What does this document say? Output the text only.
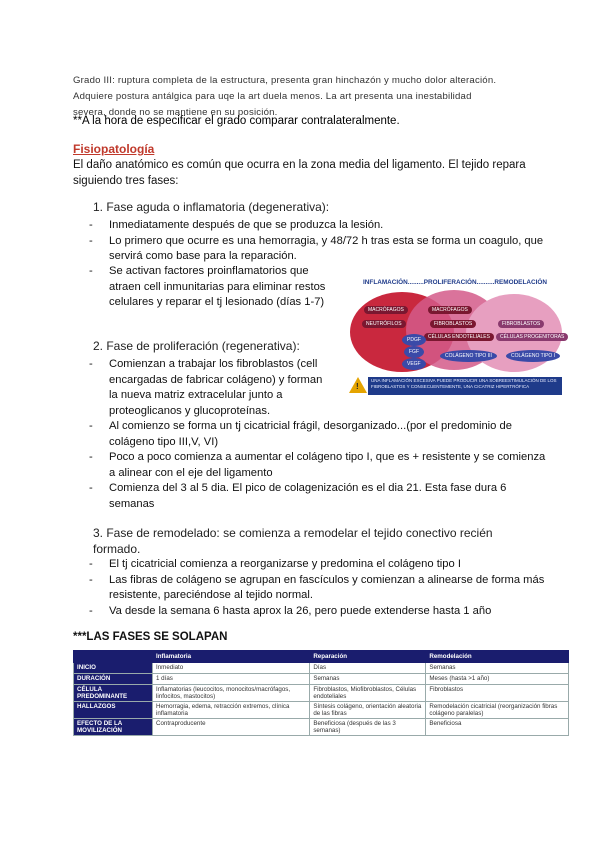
Grado III: ruptura completa de la estructura, presenta gran hinchazón y mucho dolor alteración.
Adquiere postura antálgica para uqe la art duela menos. La art presenta una inestabilidad
severa, donde no se mantiene en su posición.
**A la hora de especificar el grado comparar contralateralmente.
Fisiopatología
El daño anatómico es común que ocurra en la zona media del ligamento. El tejido repara siguiendo tres fases:
1. Fase aguda o inflamatoria (degenerativa):
- Inmediatamente después de que se produzca la lesión.
- Lo primero que ocurre es una hemorragia, y 48/72 h tras esta se forma un coagulo, que servirá como base para la reparación.
- Se activan factores proinflamatorios que atraen cell inmunitarias para eliminar restos celulares y reparar el tj lesionado (días 1-7)
INFLAMACIÓN.........PROLIFERACIÓN..........REMODELACIÓN
MACRÓFAGOS
NEUTRÓFILOS
MACRÓFAGOS
FIBROBLASTOS
CÉLULAS ENDOTELIALES
PDGF
FGF
VEGF
FIBROBLASTOS
CÉLULAS PROGENITORAS
COLÁGENO TIPO III	COLÁGENO TIPO I
!
UNA INFLAMACIÓN EXCESIVA PUEDE PRODUCIR UNA SOBREESTIMULACIÓN DE LOS FIBROBLASTOS Y CONSECUENTEMENTE, UNA CICATRIZ HIPERTRÓFICA
2. Fase de proliferación (regenerativa):
- Comienzan a trabajar los fibroblastos (cell encargadas de fabricar colágeno) y forman la nueva matriz extracelular junto a proteoglicanos y glucoproteínas.
- Al comienzo se forma un tj cicatricial frágil, desorganizado...(por el predominio de colágeno tipo III,V, VI)
- Poco a poco comienza a aumentar el colágeno tipo I, que es + resistente y se comienza a alinear con el eje del ligamento
- Comienza del 3 al 5 dia. El pico de colagenización es el dia 21. Esta fase dura 6 semanas
3. Fase de remodelado: se comienza a remodelar el tejido conectivo recién formado.
- El tj cicatricial comienza a reorganizarse y predomina el colágeno tipo I
- Las fibras de colágeno se agrupan en fascículos y comienzan a alinearse de forma más resistente, pareciéndose al tejido normal.
- Va desde la semana 6 hasta aprox la 26, pero puede extenderse hasta 1 año
***LAS FASES SE SOLAPAN
	Inflamatoria	Reparación	Remodelación
INICIO	Inmediato	Días	Semanas
DURACIÓN	1 días	Semanas	Meses (hasta >1 año)
CÉLULA PREDOMINANTE	Inflamatorias (leucocitos, monocitos/macrófagos, linfocitos, mastocitos)	Fibroblastos, Miofibroblastos, Células endoteliales	Fibroblastos
HALLAZGOS	Hemorragia, edema, retracción extremos, clínica inflamatoria	Síntesis colágeno, orientación aleatoria de las fibras	Remodelación cicatricial (reorganización fibras colágeno paralelas)
EFECTO DE LA MOVILIZACIÓN	Contraproducente	Beneficiosa (después de las 3 semanas)	Beneficiosa
